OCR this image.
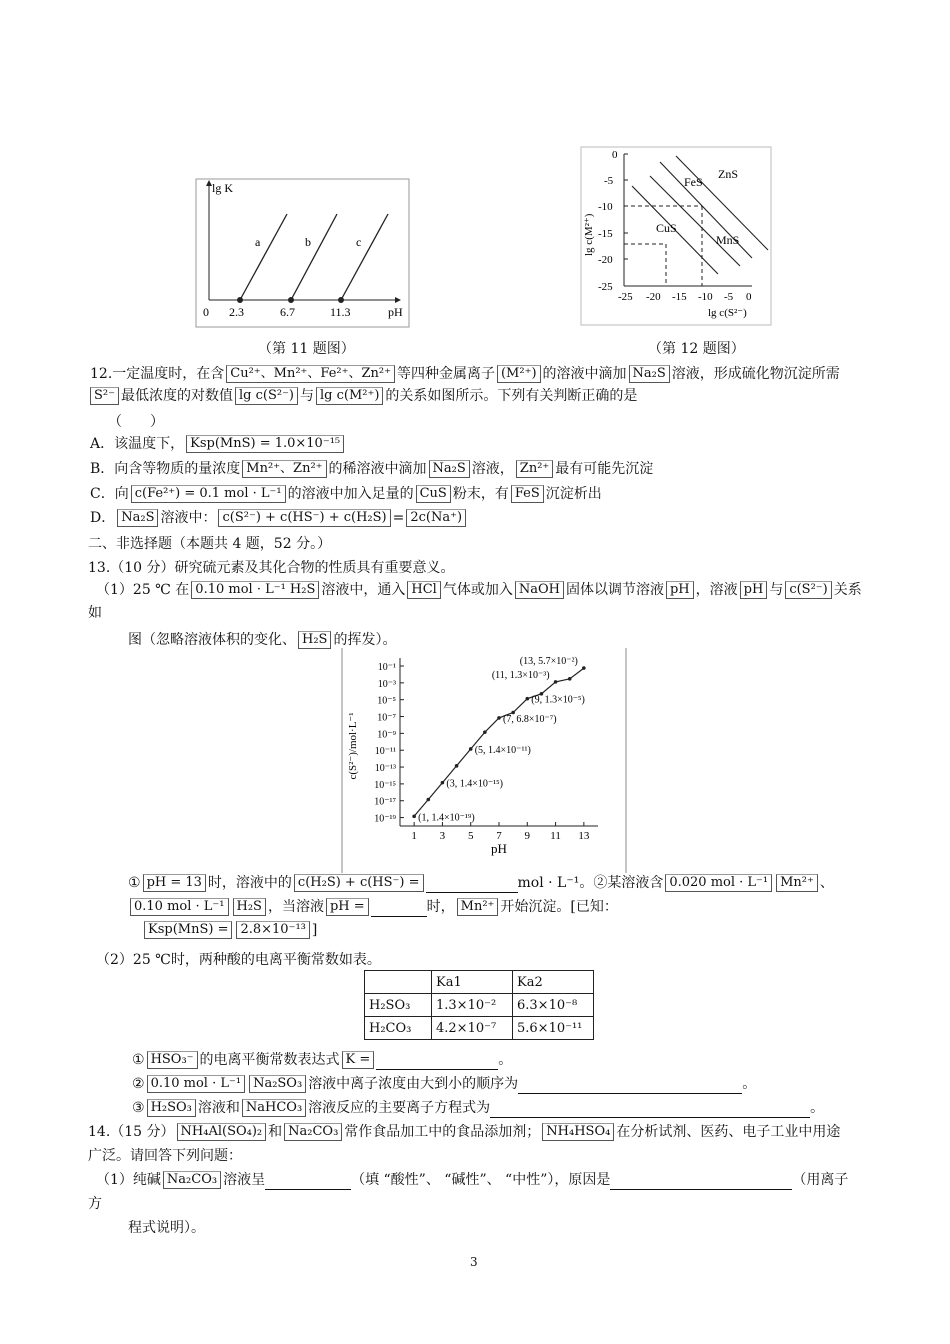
lg K
a	b	c
0 2.3	6.7	11.3	pH
（第 11 题图）
0
-5
-10
-15
-20
-25
-25 -20 -15 -10 -5 0
lg c(S²⁻)
lg c(M²⁺)
FeS
ZnS
CuS
MnS
（第 12 题图）
12.一定温度时，在含 Cu²⁺、Mn²⁺、Fe²⁺、Zn²⁺ 等四种金属离子 (M²⁺) 的溶液中滴加 Na₂S 溶液，形成硫化物沉淀所需
S²⁻ 最低浓度的对数值 lg c(S²⁻) 与 lg c(M²⁺) 的关系如图所示。下列有关判断正确的是
（　　）
A．该温度下， Ksp(MnS) = 1.0×10⁻¹⁵
B．向含等物质的量浓度 Mn²⁺、Zn²⁺ 的稀溶液中滴加 Na₂S 溶液， Zn²⁺ 最有可能先沉淀
C．向 c(Fe²⁺) = 0.1 mol · L⁻¹ 的溶液中加入足量的 CuS 粉末，有 FeS 沉淀析出
D． Na₂S 溶液中： c(S²⁻) + c(HS⁻) + c(H₂S) = 2c(Na⁺)
二、非选择题（本题共 4 题，52 分。）
13.（10 分）研究硫元素及其化合物的性质具有重要意义。
（1）25 ℃ 在 0.10 mol · L⁻¹ H₂S 溶液中，通入 HCl 气体或加入 NaOH 固体以调节溶液 pH ，溶液 pH 与 c(S²⁻) 关系
如
图（忽略溶液体积的变化、 H₂S 的挥发）。
10⁻¹⁹
10⁻¹⁷
10⁻¹⁵
10⁻¹³
10⁻¹¹
10⁻⁹
10⁻⁷
10⁻⁵
10⁻³
10⁻¹
1 3 5 7 9 11 13
pH
c(S²⁻)/mol·L⁻¹
(1, 1.4×10⁻¹⁹)
(3, 1.4×10⁻¹⁵)
(5, 1.4×10⁻¹¹)
(7, 6.8×10⁻⁷)
(9, 1.3×10⁻⁵)
(11, 1.3×10⁻³)
(13, 5.7×10⁻²)
① pH = 13 时，溶液中的 c(H₂S) + c(HS⁻) =	mol · L⁻¹。②某溶液含 0.020 mol · L⁻¹ Mn²⁺ 、
0.10 mol · L⁻¹ H₂S ，当溶液 pH =	时， Mn²⁺ 开始沉淀。[已知：
Ksp(MnS) = 2.8×10⁻¹³ ]
（2）25 ℃时，两种酸的电离平衡常数如表。
	Ka1	Ka2
H₂SO₃	1.3×10⁻²	6.3×10⁻⁸
H₂CO₃	4.2×10⁻⁷	5.6×10⁻¹¹
① HSO₃⁻ 的电离平衡常数表达式 K =	。
② 0.10 mol · L⁻¹ Na₂SO₃ 溶液中离子浓度由大到小的顺序为	。
③ H₂SO₃ 溶液和 NaHCO₃ 溶液反应的主要离子方程式为	。
14.（15 分） NH₄Al(SO₄)₂ 和 Na₂CO₃ 常作食品加工中的食品添加剂； NH₄HSO₄ 在分析试剂、医药、电子工业中用途
广泛。请回答下列问题：
（1）纯碱 Na₂CO₃ 溶液呈	（填 “酸性”、 “碱性”、 “中性”），原因是	（用离子
方
程式说明）。
3
